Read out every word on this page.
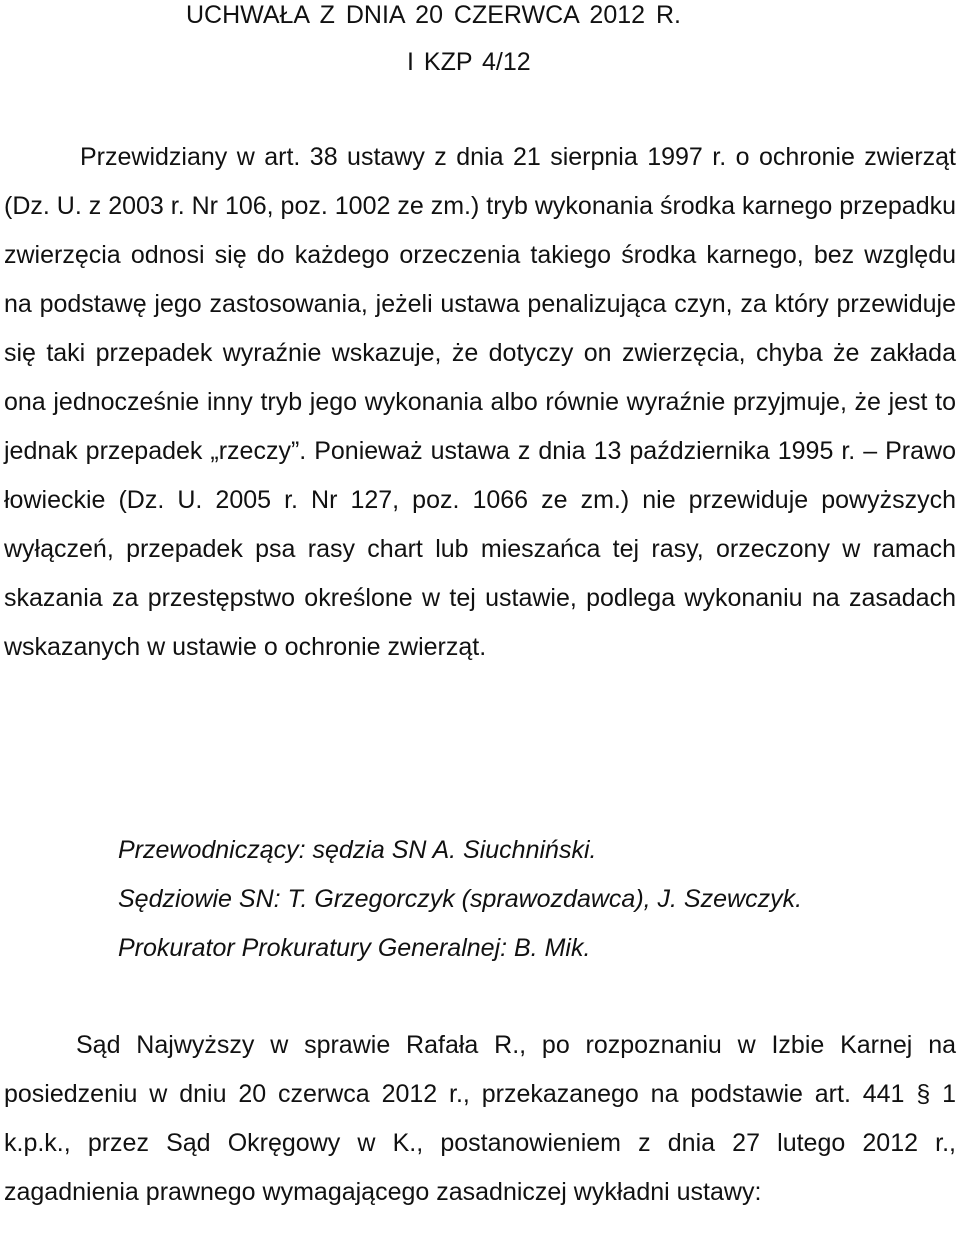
UCHWAŁA Z DNIA 20 CZERWCA 2012 R.
I KZP 4/12

Przewidziany w art. 38 ustawy z dnia 21 sierpnia 1997 r. o ochronie zwierząt (Dz. U. z 2003 r. Nr 106, poz. 1002 ze zm.) tryb wykonania środka karnego przepadku zwierzęcia odnosi się do każdego orzeczenia takiego środka karnego, bez względu na podstawę jego zastosowania, jeżeli ustawa penalizująca czyn, za który przewiduje się taki przepadek wyraźnie wskazuje, że dotyczy on zwierzęcia, chyba że zakłada ona jednocześnie inny tryb jego wykonania albo równie wyraźnie przyjmuje, że jest to jednak przepadek „rzeczy”. Ponieważ ustawa z dnia 13 października 1995 r. – Prawo łowieckie (Dz. U. 2005 r. Nr 127, poz. 1066 ze zm.) nie przewiduje powyższych wyłączeń, przepadek psa rasy chart lub mieszańca tej rasy, orzeczony w ramach skazania za przestępstwo określone w tej ustawie, podlega wykonaniu na zasadach wskazanych w ustawie o ochronie zwierząt.

Przewodniczący: sędzia SN A. Siuchniński.
Sędziowie SN: T. Grzegorczyk (sprawozdawca), J. Szewczyk.
Prokurator Prokuratury Generalnej: B. Mik.

Sąd Najwyższy w sprawie Rafała R., po rozpoznaniu w Izbie Karnej na posiedzeniu w dniu 20 czerwca 2012 r., przekazanego na podstawie art. 441 § 1 k.p.k., przez Sąd Okręgowy w K., postanowieniem z dnia 27 lutego 2012 r., zagadnienia prawnego wymagającego zasadniczej wykładni ustawy:
